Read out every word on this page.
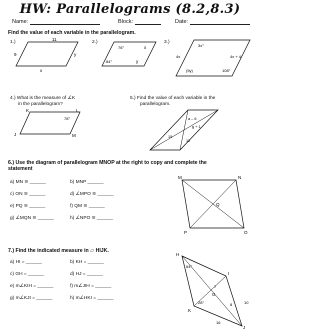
HW: Parallelograms (8.2,8.3)
Name:	Block:	Date:
Find the value of each variable in the parallelogram.
1.)
11
9	y
x
2.)
76°
84°
x
y
3.)
3x°
4x + 4
4x
(5y)	108°
4.) What is the measure of ∠K
in the parallelogram?
K	L
J	M
78°
5.) Find the value of each variable in the
parallelogram.
a – 6
g + 1
15
12
6.) Use the diagram of parallelogram MNOP at the right to copy and complete the
statement
a) MN ≅ ______	b) MNP ______
c) ON ≅ ______	d) ∠MPO ≅ ______
e) PQ ≅ ______	f) QM ≅ ______
g) ∠MQN ≅ ______	h) ∠NPO ≅ ______
M	N
Q
P	O
7.) Find the indicated measure in ▱ HIJK.
a) HI = ______	b) KH = ______
c) GH = ______	d) HJ = ______
e) m∠KIH = ______	f) m∠JIH = ______
g) m∠KJI = ______	h) m∠HKI = ______
H
I
J
K
G
64°
28°
7
8
16
10
